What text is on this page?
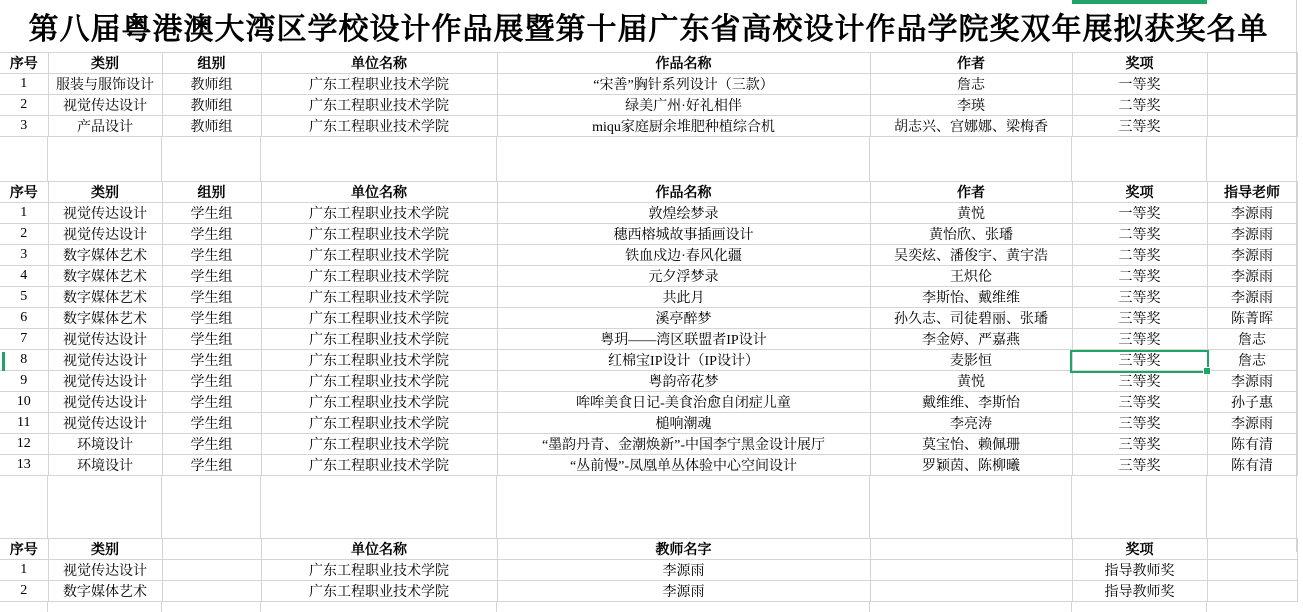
第八届粤港澳大湾区学校设计作品展暨第十届广东省高校设计作品学院奖双年展拟获奖名单
序号	类别	组别	单位名称	作品名称	作者	奖项	
1	服装与服饰设计	教师组	广东工程职业技术学院	“宋善”胸针系列设计（三款）	詹志	一等奖	
2	视觉传达设计	教师组	广东工程职业技术学院	绿美广州·好礼相伴	李瑛	二等奖	
3	产品设计	教师组	广东工程职业技术学院	miqu家庭厨余堆肥种植综合机	胡志兴、宫娜娜、梁梅香	三等奖	
序号	类别	组别	单位名称	作品名称	作者	奖项	指导老师
1	视觉传达设计	学生组	广东工程职业技术学院	敦煌绘梦录	黄悦	一等奖	李源雨
2	视觉传达设计	学生组	广东工程职业技术学院	穗西榕城故事插画设计	黄怡欣、张璠	二等奖	李源雨
3	数字媒体艺术	学生组	广东工程职业技术学院	铁血戍边·春风化疆	吴奕炫、潘俊宇、黄宇浩	二等奖	李源雨
4	数字媒体艺术	学生组	广东工程职业技术学院	元夕浮梦录	王炽伦	二等奖	李源雨
5	数字媒体艺术	学生组	广东工程职业技术学院	共此月	李斯怡、戴维维	三等奖	李源雨
6	数字媒体艺术	学生组	广东工程职业技术学院	溪亭醉梦	孙久志、司徒碧丽、张璠	三等奖	陈菁晖
7	视觉传达设计	学生组	广东工程职业技术学院	粤玥——湾区联盟者IP设计	李金婷、严嘉燕	三等奖	詹志
8	视觉传达设计	学生组	广东工程职业技术学院	红棉宝IP设计（IP设计）	麦影恒	三等奖	詹志
9	视觉传达设计	学生组	广东工程职业技术学院	粤韵帝花梦	黄悦	三等奖	李源雨
10	视觉传达设计	学生组	广东工程职业技术学院	哞哞美食日记-美食治愈自闭症儿童	戴维维、李斯怡	三等奖	孙子惠
11	视觉传达设计	学生组	广东工程职业技术学院	槌响潮魂	李亮涛	三等奖	李源雨
12	环境设计	学生组	广东工程职业技术学院	“墨韵丹青、金潮焕新”-中国李宁黑金设计展厅	莫宝怡、赖佩珊	三等奖	陈有清
13	环境设计	学生组	广东工程职业技术学院	“丛前慢”-凤凰单丛体验中心空间设计	罗颖茵、陈柳曦	三等奖	陈有清
序号	类别		单位名称	教师名字		奖项	
1	视觉传达设计		广东工程职业技术学院	李源雨		指导教师奖	
2	数字媒体艺术		广东工程职业技术学院	李源雨		指导教师奖	
